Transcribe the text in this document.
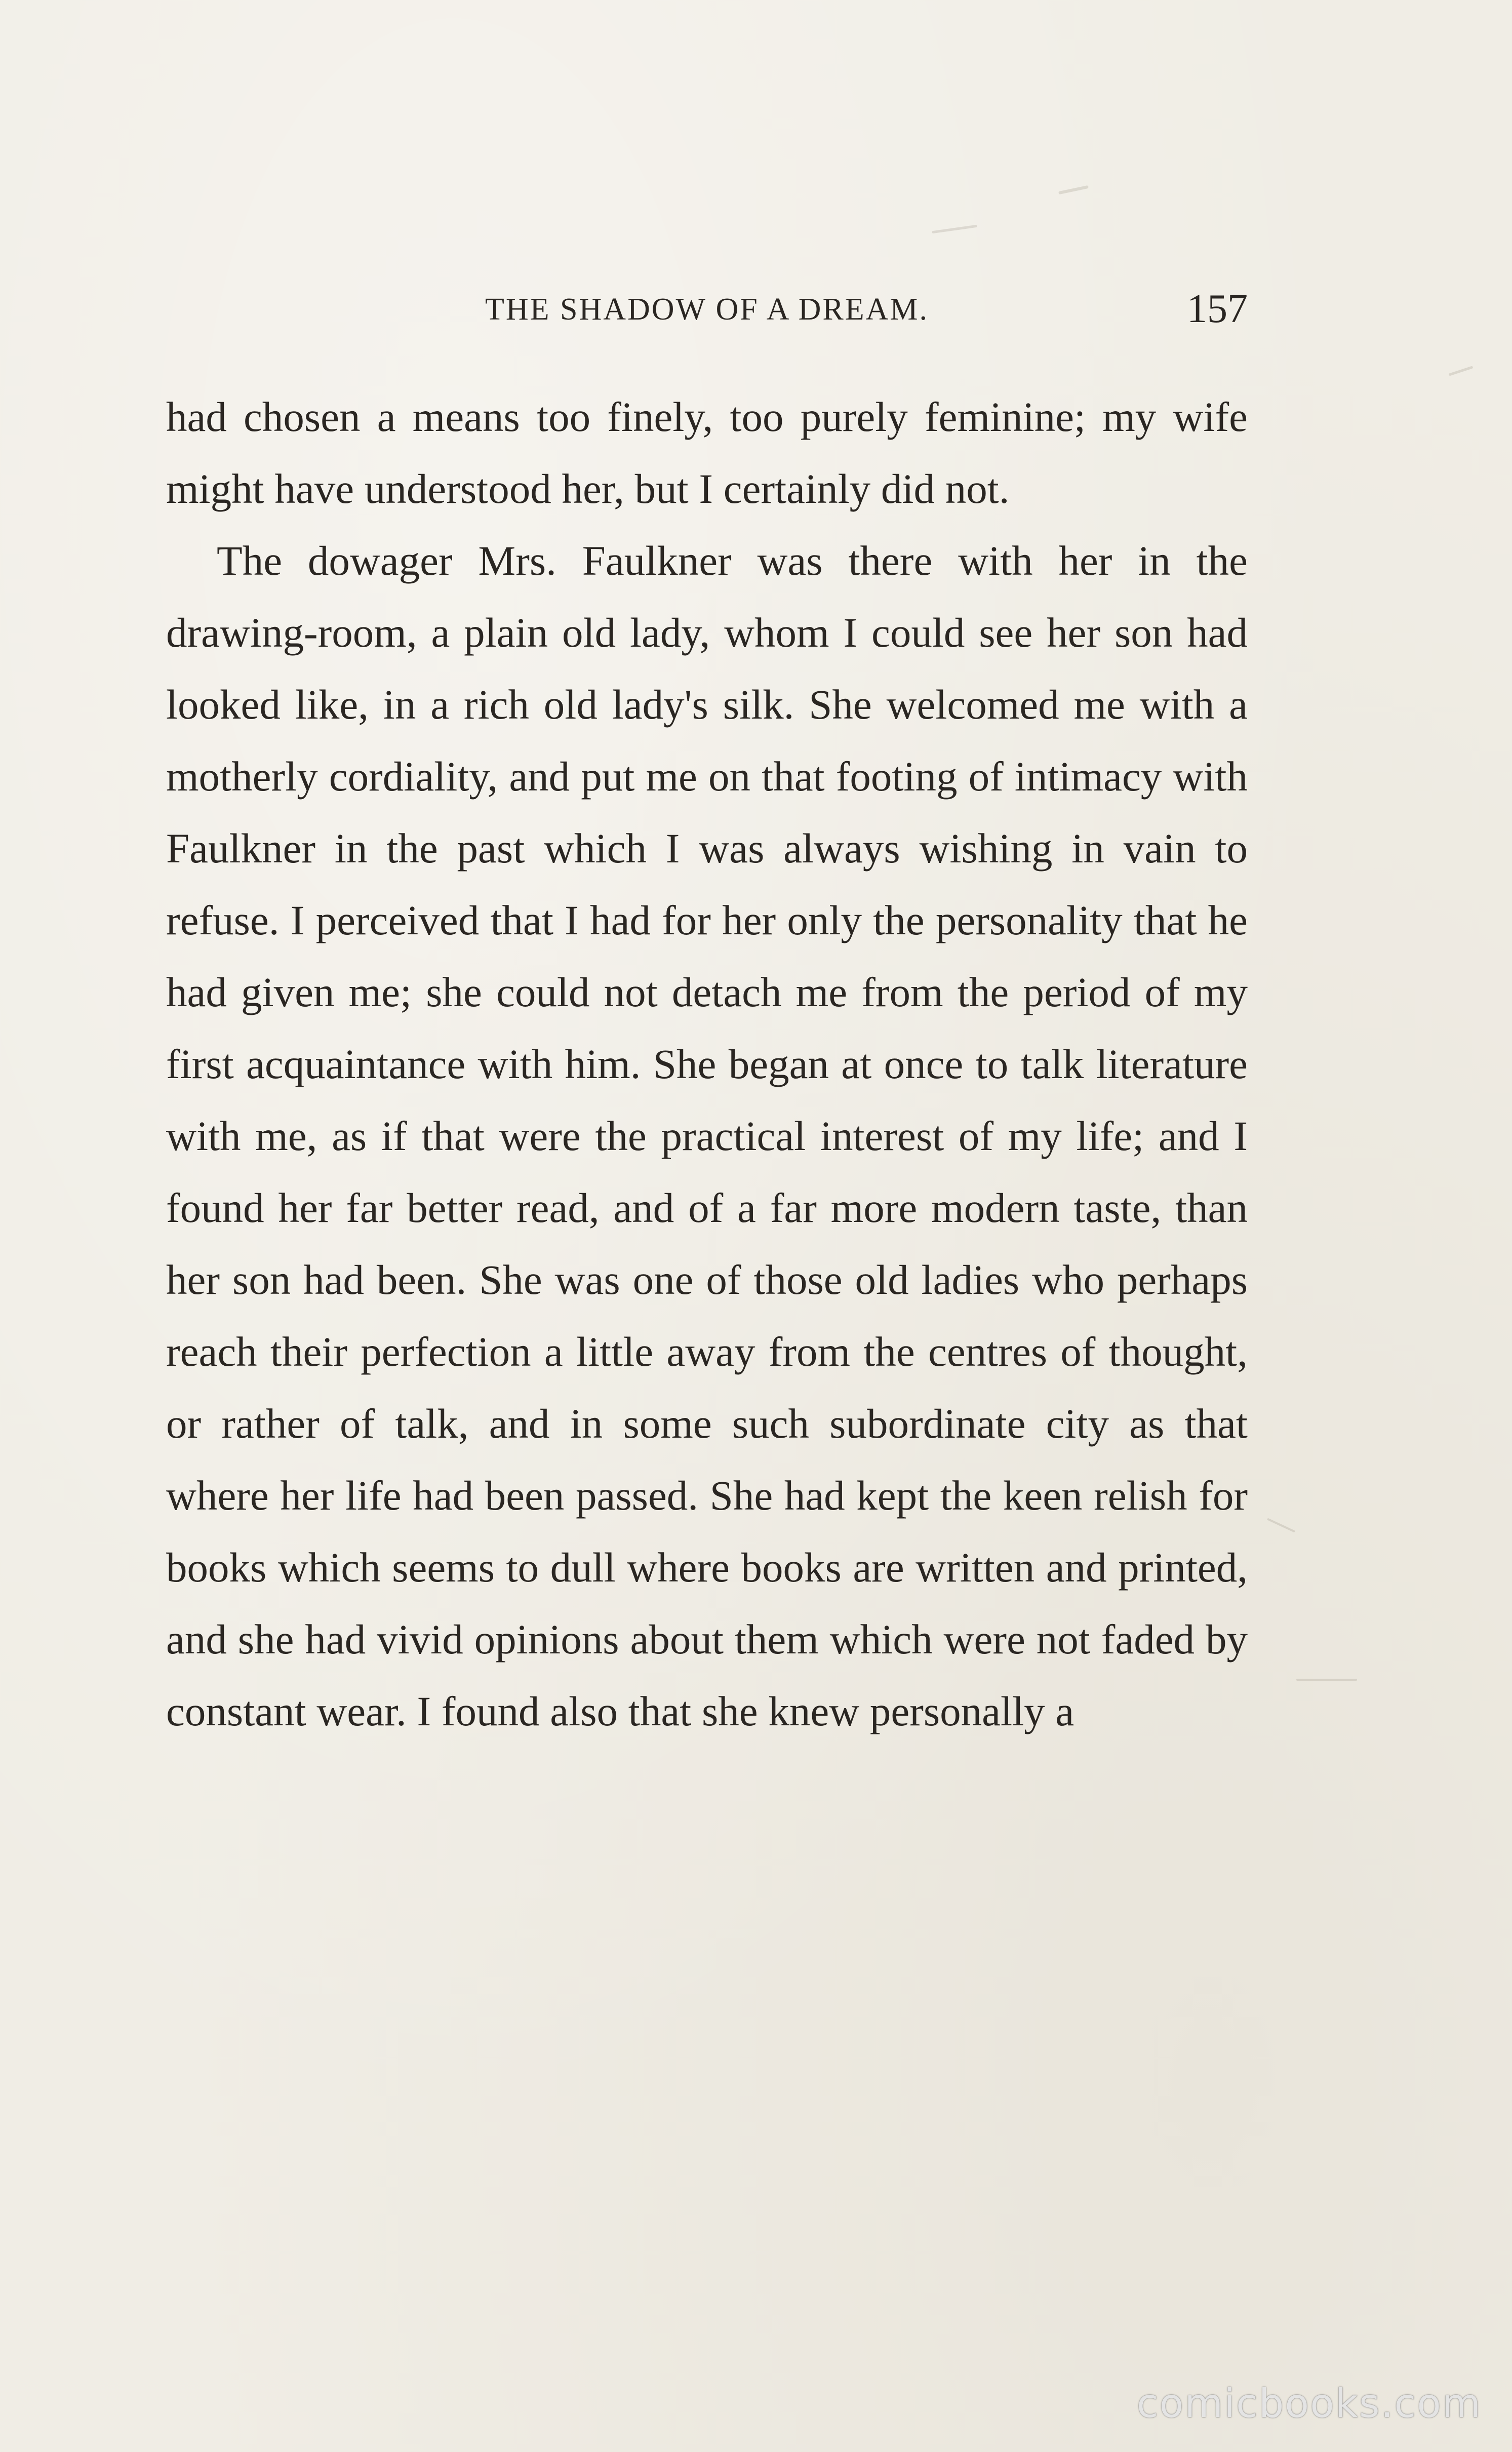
THE SHADOW OF A DREAM.	157

had chosen a means too finely, too purely feminine; my wife might have understood her, but I certainly did not.

The dowager Mrs. Faulkner was there with her in the drawing-room, a plain old lady, whom I could see her son had looked like, in a rich old lady's silk. She welcomed me with a motherly cordiality, and put me on that footing of intimacy with Faulkner in the past which I was always wishing in vain to refuse. I perceived that I had for her only the personality that he had given me; she could not detach me from the period of my first acquaintance with him. She began at once to talk literature with me, as if that were the practical interest of my life; and I found her far better read, and of a far more modern taste, than her son had been. She was one of those old ladies who perhaps reach their perfection a little away from the centres of thought, or rather of talk, and in some such subordinate city as that where her life had been passed. She had kept the keen relish for books which seems to dull where books are written and printed, and she had vivid opinions about them which were not faded by constant wear. I found also that she knew personally a

comicbooks.com
